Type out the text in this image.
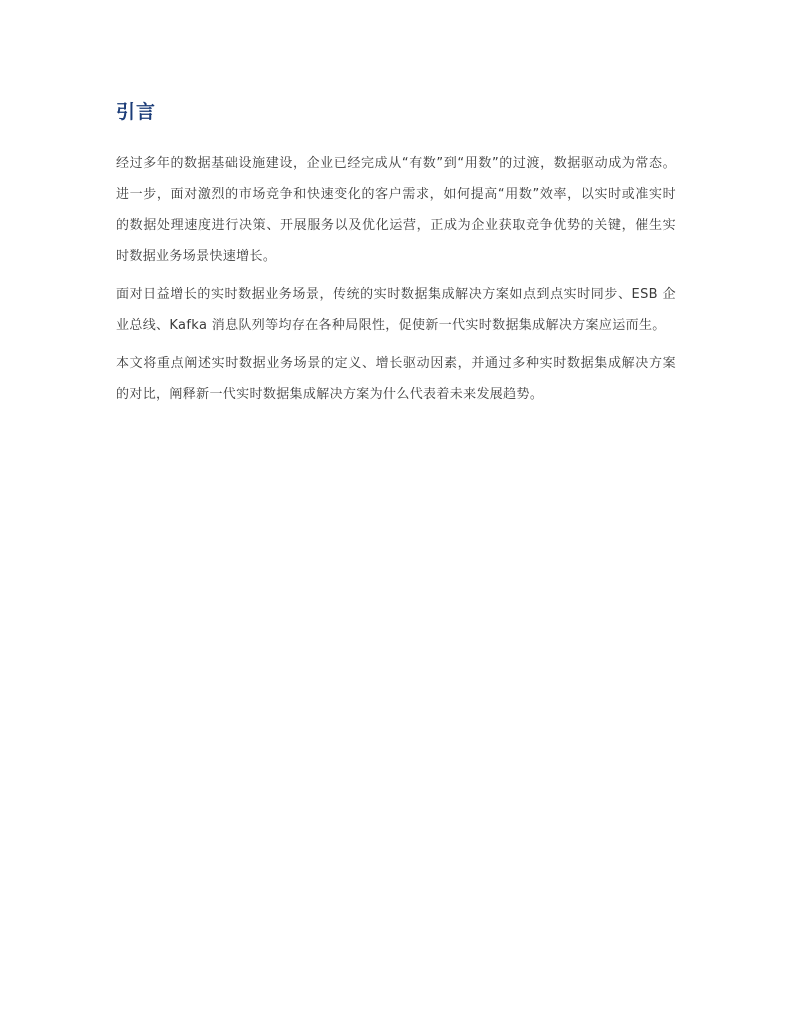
引言

经过多年的数据基础设施建设，企业已经完成从“有数”到“用数”的过渡，数据驱动成为常态。进一步，面对激烈的市场竞争和快速变化的客户需求，如何提高“用数”效率，以实时或准实时的数据处理速度进行决策、开展服务以及优化运营，正成为企业获取竞争优势的关键，催生实时数据业务场景快速增长。

面对日益增长的实时数据业务场景，传统的实时数据集成解决方案如点到点实时同步、ESB 企业总线、Kafka 消息队列等均存在各种局限性，促使新一代实时数据集成解决方案应运而生。

本文将重点阐述实时数据业务场景的定义、增长驱动因素，并通过多种实时数据集成解决方案的对比，阐释新一代实时数据集成解决方案为什么代表着未来发展趋势。
